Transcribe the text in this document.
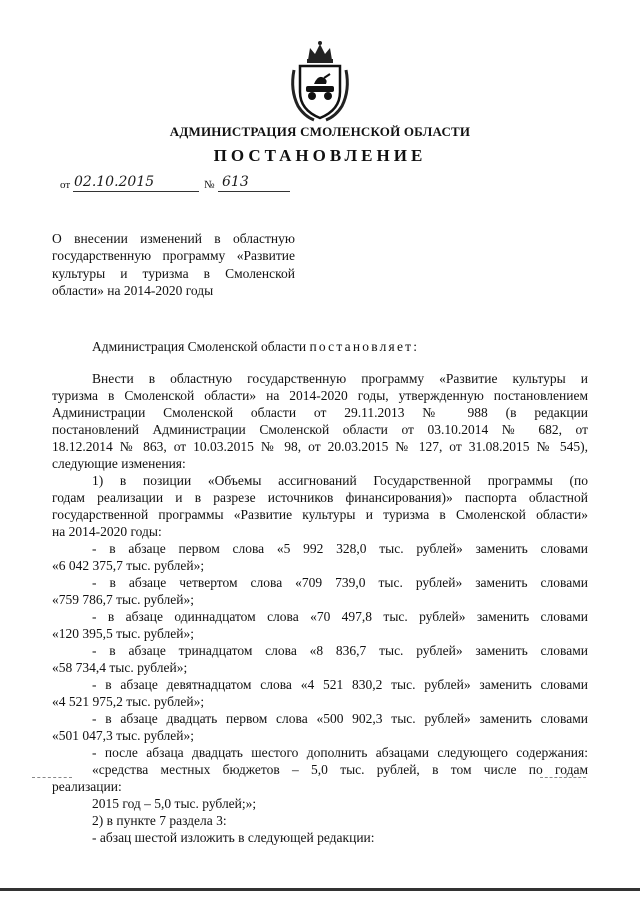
АДМИНИСТРАЦИЯ СМОЛЕНСКОЙ ОБЛАСТИ
ПОСТАНОВЛЕНИЕ
от 02.10.2015	№ 613
О внесении изменений в областную государственную программу «Развитие культуры и туризма в Смоленской области» на 2014-2020 годы
Администрация Смоленской области постановляет:
Внести в областную государственную программу «Развитие культуры и
туризма в Смоленской области» на 2014-2020 годы, утвержденную постановлением
Администрации Смоленской области от 29.11.2013 № 988 (в редакции
постановлений Администрации Смоленской области от 03.10.2014 № 682, от
18.12.2014 № 863, от 10.03.2015 № 98, от 20.03.2015 № 127, от 31.08.2015 № 545),
следующие изменения:
1) в позиции «Объемы ассигнований Государственной программы (по
годам реализации и в разрезе источников финансирования)» паспорта областной
государственной программы «Развитие культуры и туризма в Смоленской области»
на 2014-2020 годы:
- в абзаце первом слова «5 992 328,0 тыс. рублей» заменить словами
«6 042 375,7 тыс. рублей»;
- в абзаце четвертом слова «709 739,0 тыс. рублей» заменить словами
«759 786,7 тыс. рублей»;
- в абзаце одиннадцатом слова «70 497,8 тыс. рублей» заменить словами
«120 395,5 тыс. рублей»;
- в абзаце тринадцатом слова «8 836,7 тыс. рублей» заменить словами
«58 734,4 тыс. рублей»;
- в абзаце девятнадцатом слова «4 521 830,2 тыс. рублей» заменить словами
«4 521 975,2 тыс. рублей»;
- в абзаце двадцать первом слова «500 902,3 тыс. рублей» заменить словами
«501 047,3 тыс. рублей»;
- после абзаца двадцать шестого дополнить абзацами следующего содержания:
«средства местных бюджетов – 5,0 тыс. рублей, в том числе по годам
реализации:
2015 год – 5,0 тыс. рублей;»;
2) в пункте 7 раздела 3:
- абзац шестой изложить в следующей редакции:
